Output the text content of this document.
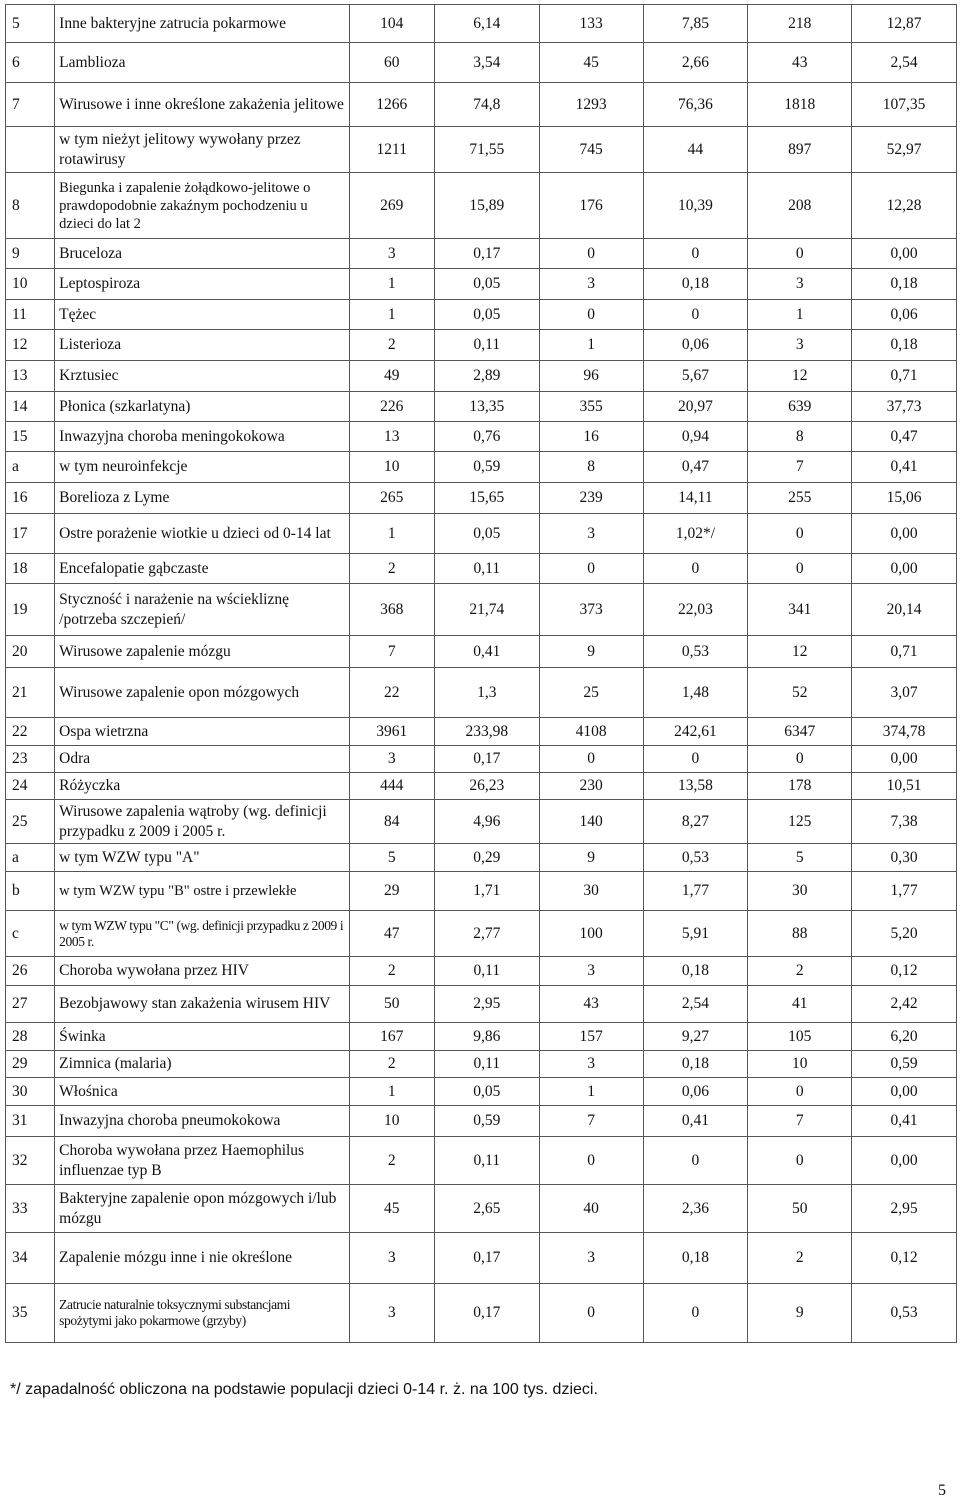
5	Inne bakteryjne zatrucia pokarmowe	104	6,14	133	7,85	218	12,87
6	Lamblioza	60	3,54	45	2,66	43	2,54
7	Wirusowe i inne określone zakażenia jelitowe	1266	74,8	1293	76,36	1818	107,35
	w tym nieżyt jelitowy wywołany przez rotawirusy	1211	71,55	745	44	897	52,97
8	Biegunka i zapalenie żołądkowo-jelitowe o prawdopodobnie zakaźnym pochodzeniu u dzieci do lat 2	269	15,89	176	10,39	208	12,28
9	Bruceloza	3	0,17	0	0	0	0,00
10	Leptospiroza	1	0,05	3	0,18	3	0,18
11	Tężec	1	0,05	0	0	1	0,06
12	Listerioza	2	0,11	1	0,06	3	0,18
13	Krztusiec	49	2,89	96	5,67	12	0,71
14	Płonica (szkarlatyna)	226	13,35	355	20,97	639	37,73
15	Inwazyjna choroba meningokokowa	13	0,76	16	0,94	8	0,47
a	w tym neuroinfekcje	10	0,59	8	0,47	7	0,41
16	Borelioza z Lyme	265	15,65	239	14,11	255	15,06
17	Ostre porażenie wiotkie u dzieci od 0-14 lat	1	0,05	3	1,02*/	0	0,00
18	Encefalopatie gąbczaste	2	0,11	0	0	0	0,00
19	Styczność i narażenie na wściekliznę /potrzeba szczepień/	368	21,74	373	22,03	341	20,14
20	Wirusowe zapalenie mózgu	7	0,41	9	0,53	12	0,71
21	Wirusowe zapalenie opon mózgowych	22	1,3	25	1,48	52	3,07
22	Ospa wietrzna	3961	233,98	4108	242,61	6347	374,78
23	Odra	3	0,17	0	0	0	0,00
24	Różyczka	444	26,23	230	13,58	178	10,51
25	Wirusowe zapalenia wątroby (wg. definicji przypadku z 2009 i 2005 r.	84	4,96	140	8,27	125	7,38
a	w tym WZW typu "A"	5	0,29	9	0,53	5	0,30
b	w tym WZW typu "B" ostre i przewlekłe	29	1,71	30	1,77	30	1,77
c	w tym WZW typu "C" (wg. definicji przypadku z 2009 i 2005 r.	47	2,77	100	5,91	88	5,20
26	Choroba wywołana przez HIV	2	0,11	3	0,18	2	0,12
27	Bezobjawowy stan zakażenia wirusem HIV	50	2,95	43	2,54	41	2,42
28	Świnka	167	9,86	157	9,27	105	6,20
29	Zimnica (malaria)	2	0,11	3	0,18	10	0,59
30	Włośnica	1	0,05	1	0,06	0	0,00
31	Inwazyjna choroba pneumokokowa	10	0,59	7	0,41	7	0,41
32	Choroba wywołana przez Haemophilus influenzae typ B	2	0,11	0	0	0	0,00
33	Bakteryjne zapalenie opon mózgowych i/lub mózgu	45	2,65	40	2,36	50	2,95
34	Zapalenie mózgu inne i nie określone	3	0,17	3	0,18	2	0,12
35	Zatrucie naturalnie toksycznymi substancjami spożytymi jako pokarmowe (grzyby)	3	0,17	0	0	9	0,53
*/ zapadalność obliczona na podstawie populacji dzieci 0-14 r. ż. na 100 tys. dzieci.
5
